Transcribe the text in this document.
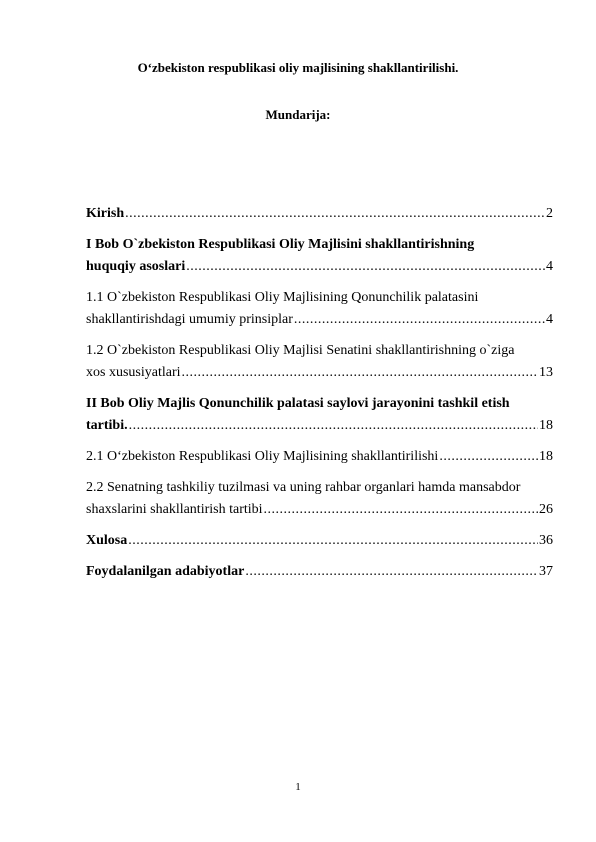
O‘zbekiston respublikasi oliy majlisining shakllantirilishi.
Mundarija:
Kirish .....	2
I Bob O`zbekiston Respublikasi Oliy Majlisini shakllantirishning
huquqiy asoslari .....	4
1.1 O`zbekiston Respublikasi Oliy Majlisining Qonunchilik palatasini
shakllantirishdagi umumiy prinsiplar .....	4
1.2 O`zbekiston Respublikasi Oliy Majlisi Senatini shakllantirishning o`ziga
xos xususiyatlari .....	13
II Bob Oliy Majlis Qonunchilik palatasi saylovi jarayonini tashkil etish
tartibi. .....	18
2.1 O‘zbekiston Respublikasi Oliy Majlisining shakllantirilishi .....	18
2.2 Senatning tashkiliy tuzilmasi va uning rahbar organlari hamda mansabdor
shaxslarini shakllantirish tartibi .....	26
Xulosa .....	36
Foydalanilgan adabiyotlar .....	37
1
